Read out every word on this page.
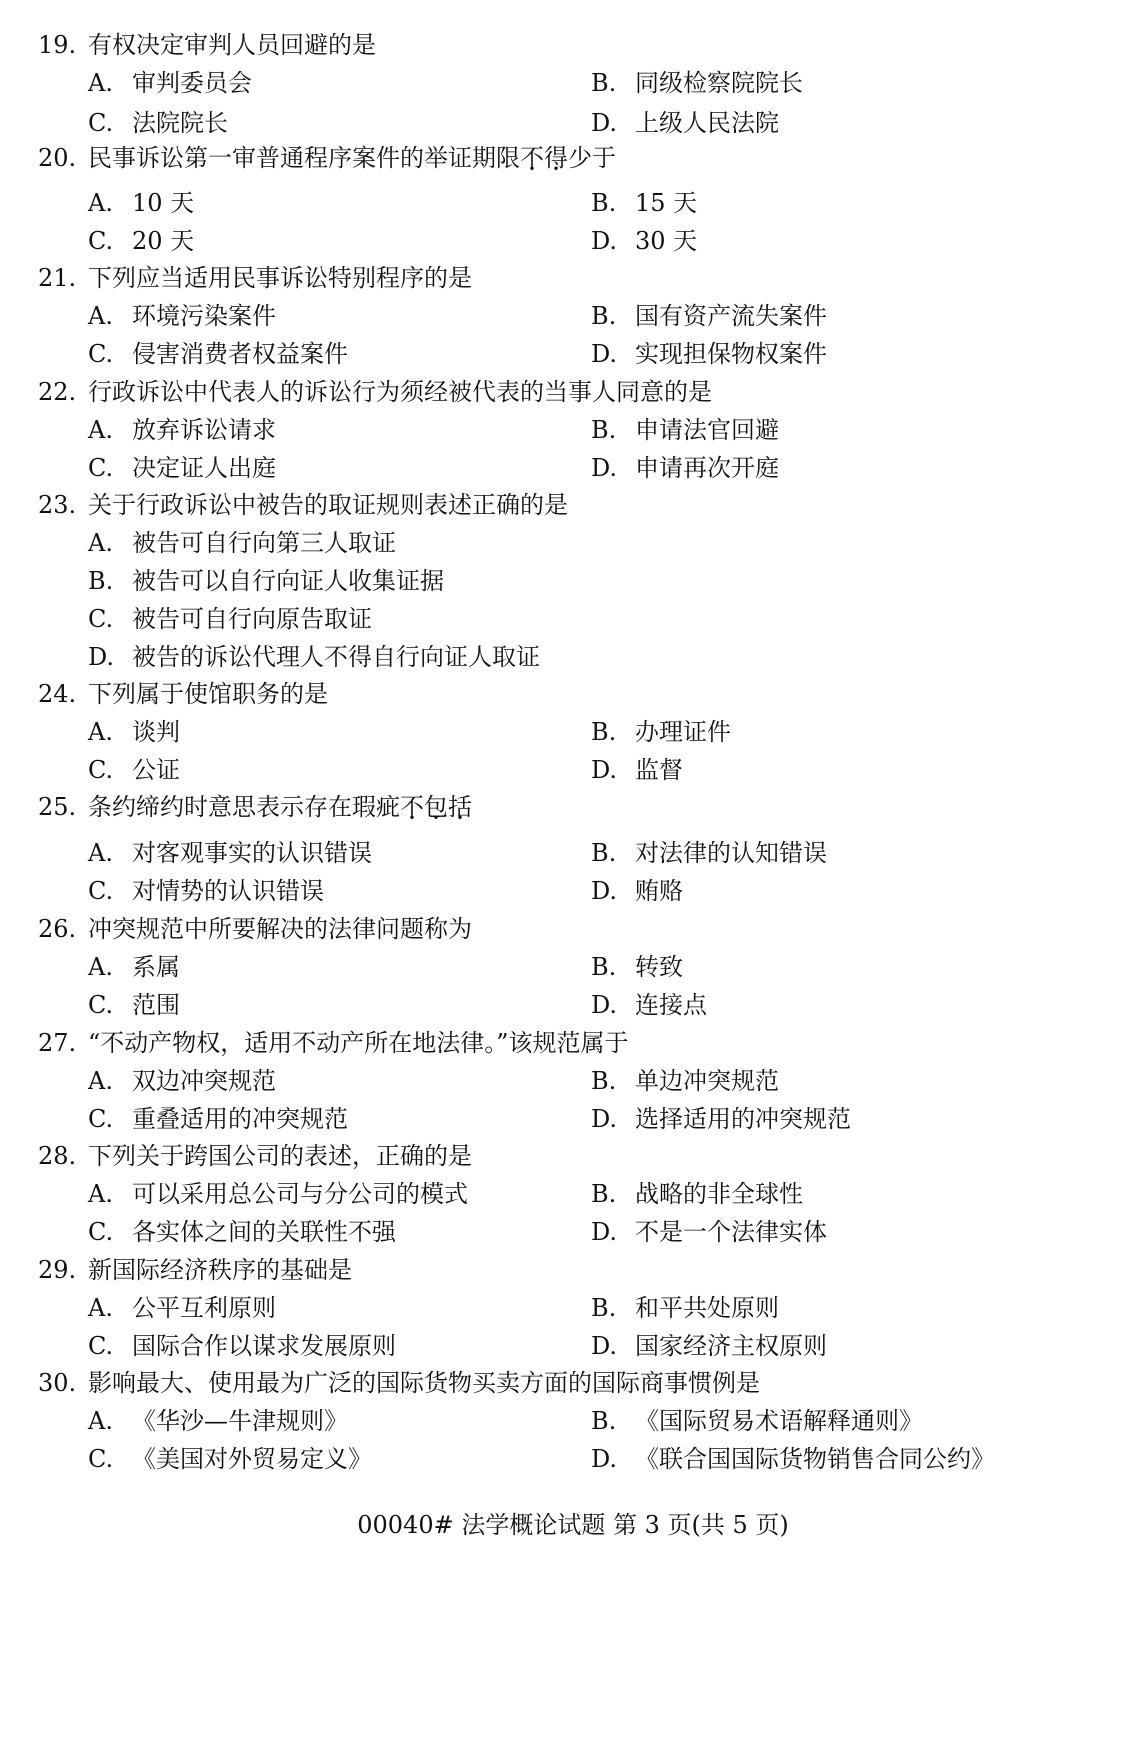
19. 有权决定审判人员回避的是
A. 审判委员会	B. 同级检察院院长
C. 法院院长	D. 上级人民法院
20. 民事诉讼第一审普通程序案件的举证期限不得少于
A. 10 天	B. 15 天
C. 20 天	D. 30 天
21. 下列应当适用民事诉讼特别程序的是
A. 环境污染案件	B. 国有资产流失案件
C. 侵害消费者权益案件	D. 实现担保物权案件
22. 行政诉讼中代表人的诉讼行为须经被代表的当事人同意的是
A. 放弃诉讼请求	B. 申请法官回避
C. 决定证人出庭	D. 申请再次开庭
23. 关于行政诉讼中被告的取证规则表述正确的是
A. 被告可自行向第三人取证
B. 被告可以自行向证人收集证据
C. 被告可自行向原告取证
D. 被告的诉讼代理人不得自行向证人取证
24. 下列属于使馆职务的是
A. 谈判	B. 办理证件
C. 公证	D. 监督
25. 条约缔约时意思表示存在瑕疵不包括
A. 对客观事实的认识错误	B. 对法律的认知错误
C. 对情势的认识错误	D. 贿赂
26. 冲突规范中所要解决的法律问题称为
A. 系属	B. 转致
C. 范围	D. 连接点
27. “不动产物权，适用不动产所在地法律。”该规范属于
A. 双边冲突规范	B. 单边冲突规范
C. 重叠适用的冲突规范	D. 选择适用的冲突规范
28. 下列关于跨国公司的表述，正确的是
A. 可以采用总公司与分公司的模式	B. 战略的非全球性
C. 各实体之间的关联性不强	D. 不是一个法律实体
29. 新国际经济秩序的基础是
A. 公平互利原则	B. 和平共处原则
C. 国际合作以谋求发展原则	D. 国家经济主权原则
30. 影响最大、使用最为广泛的国际货物买卖方面的国际商事惯例是
A. 《华沙—牛津规则》	B. 《国际贸易术语解释通则》
C. 《美国对外贸易定义》	D. 《联合国国际货物销售合同公约》
00040# 法学概论试题 第 3 页(共 5 页)
